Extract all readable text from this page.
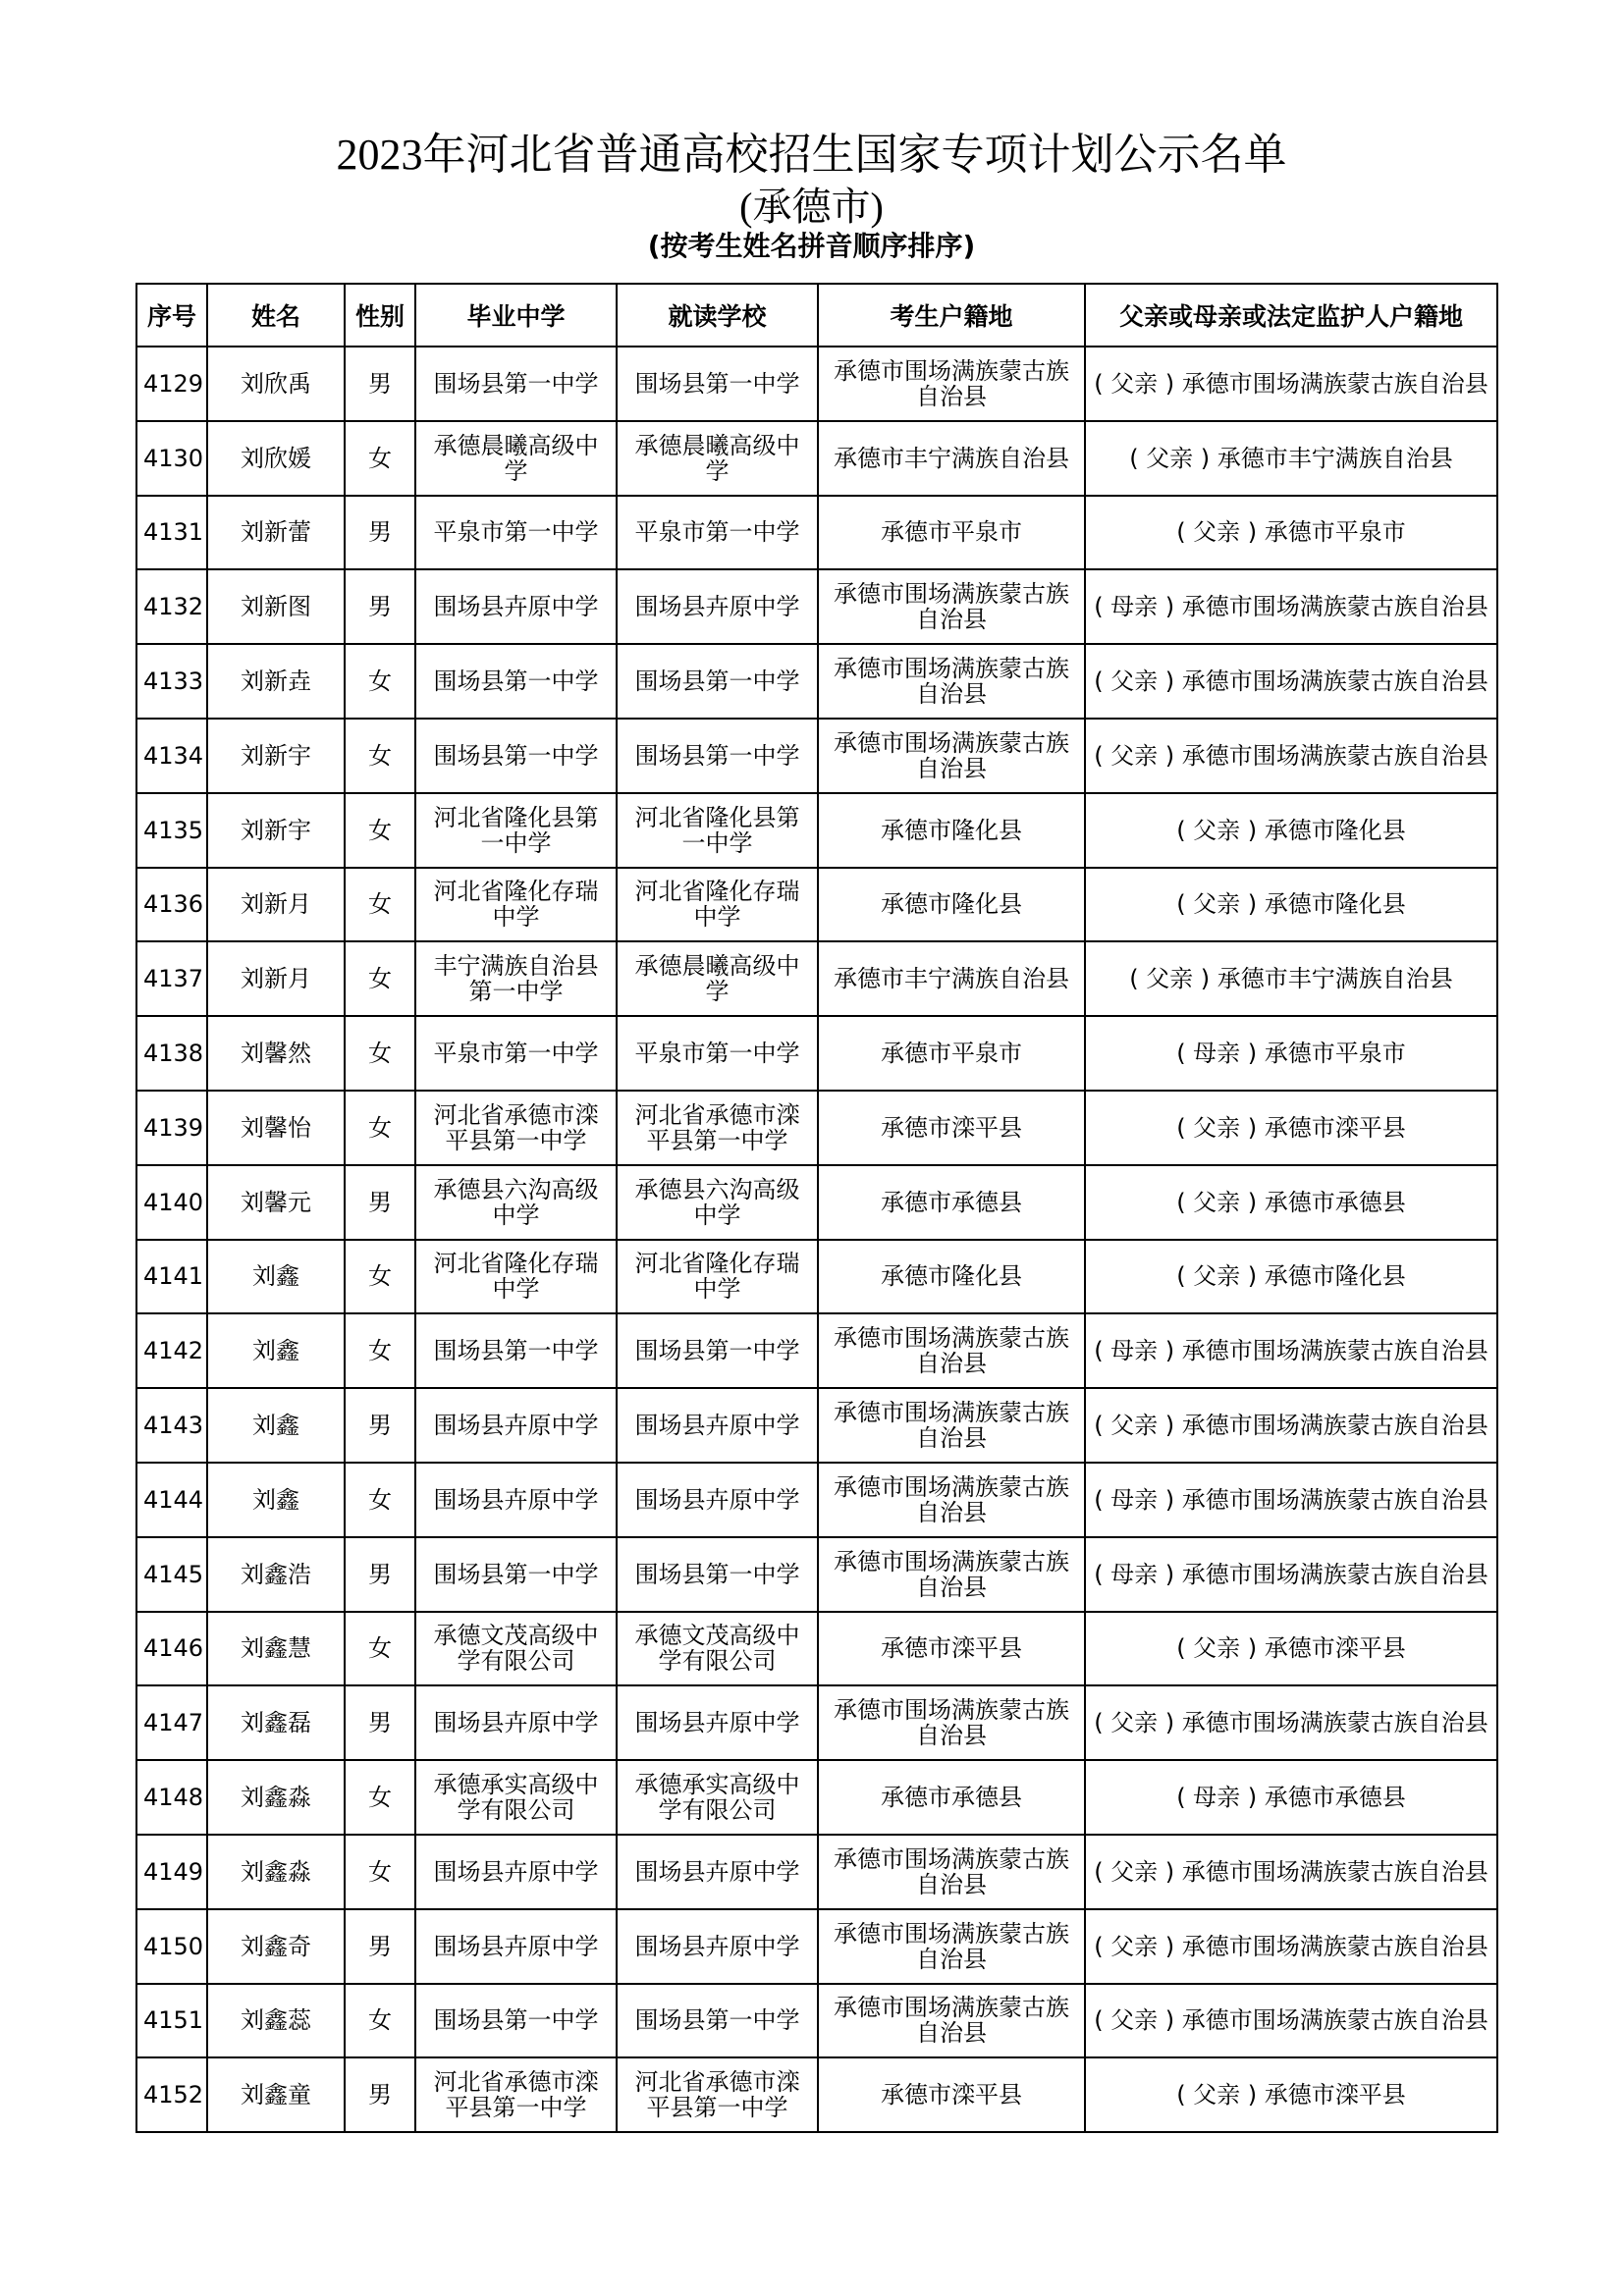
2023年河北省普通高校招生国家专项计划公示名单
(承德市)
(按考生姓名拼音顺序排序)
序号	姓名	性别	毕业中学	就读学校	考生户籍地	父亲或母亲或法定监护人户籍地
4129	刘欣禹	男	围场县第一中学	围场县第一中学	承德市围场满族蒙古族自治县	( 父亲 ) 承德市围场满族蒙古族自治县
4130	刘欣媛	女	承德晨曦高级中学	承德晨曦高级中学	承德市丰宁满族自治县	( 父亲 ) 承德市丰宁满族自治县
4131	刘新蕾	男	平泉市第一中学	平泉市第一中学	承德市平泉市	( 父亲 ) 承德市平泉市
4132	刘新图	男	围场县卉原中学	围场县卉原中学	承德市围场满族蒙古族自治县	( 母亲 ) 承德市围场满族蒙古族自治县
4133	刘新垚	女	围场县第一中学	围场县第一中学	承德市围场满族蒙古族自治县	( 父亲 ) 承德市围场满族蒙古族自治县
4134	刘新宇	女	围场县第一中学	围场县第一中学	承德市围场满族蒙古族自治县	( 父亲 ) 承德市围场满族蒙古族自治县
4135	刘新宇	女	河北省隆化县第一中学	河北省隆化县第一中学	承德市隆化县	( 父亲 ) 承德市隆化县
4136	刘新月	女	河北省隆化存瑞中学	河北省隆化存瑞中学	承德市隆化县	( 父亲 ) 承德市隆化县
4137	刘新月	女	丰宁满族自治县第一中学	承德晨曦高级中学	承德市丰宁满族自治县	( 父亲 ) 承德市丰宁满族自治县
4138	刘馨然	女	平泉市第一中学	平泉市第一中学	承德市平泉市	( 母亲 ) 承德市平泉市
4139	刘馨怡	女	河北省承德市滦平县第一中学	河北省承德市滦平县第一中学	承德市滦平县	( 父亲 ) 承德市滦平县
4140	刘馨元	男	承德县六沟高级中学	承德县六沟高级中学	承德市承德县	( 父亲 ) 承德市承德县
4141	刘鑫	女	河北省隆化存瑞中学	河北省隆化存瑞中学	承德市隆化县	( 父亲 ) 承德市隆化县
4142	刘鑫	女	围场县第一中学	围场县第一中学	承德市围场满族蒙古族自治县	( 母亲 ) 承德市围场满族蒙古族自治县
4143	刘鑫	男	围场县卉原中学	围场县卉原中学	承德市围场满族蒙古族自治县	( 父亲 ) 承德市围场满族蒙古族自治县
4144	刘鑫	女	围场县卉原中学	围场县卉原中学	承德市围场满族蒙古族自治县	( 母亲 ) 承德市围场满族蒙古族自治县
4145	刘鑫浩	男	围场县第一中学	围场县第一中学	承德市围场满族蒙古族自治县	( 母亲 ) 承德市围场满族蒙古族自治县
4146	刘鑫慧	女	承德文茂高级中学有限公司	承德文茂高级中学有限公司	承德市滦平县	( 父亲 ) 承德市滦平县
4147	刘鑫磊	男	围场县卉原中学	围场县卉原中学	承德市围场满族蒙古族自治县	( 父亲 ) 承德市围场满族蒙古族自治县
4148	刘鑫淼	女	承德承实高级中学有限公司	承德承实高级中学有限公司	承德市承德县	( 母亲 ) 承德市承德县
4149	刘鑫淼	女	围场县卉原中学	围场县卉原中学	承德市围场满族蒙古族自治县	( 父亲 ) 承德市围场满族蒙古族自治县
4150	刘鑫奇	男	围场县卉原中学	围场县卉原中学	承德市围场满族蒙古族自治县	( 父亲 ) 承德市围场满族蒙古族自治县
4151	刘鑫蕊	女	围场县第一中学	围场县第一中学	承德市围场满族蒙古族自治县	( 父亲 ) 承德市围场满族蒙古族自治县
4152	刘鑫童	男	河北省承德市滦平县第一中学	河北省承德市滦平县第一中学	承德市滦平县	( 父亲 ) 承德市滦平县
